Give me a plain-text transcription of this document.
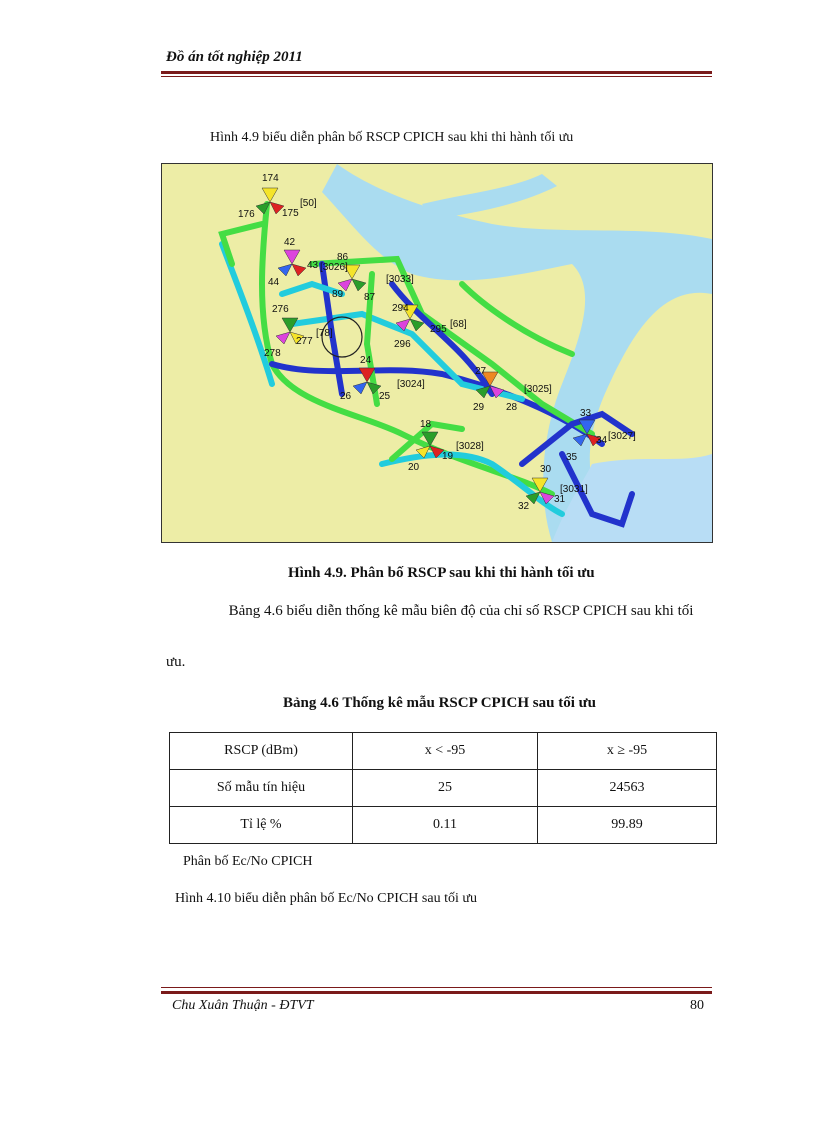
Đồ án tốt nghiệp 2011
Hình 4.9 biểu diễn phân bố RSCP CPICH sau khi thi hành tối ưu
174
176	175
[50]
42
44
43 [3026]
86
[3033]
89 87
276
278
277
[78]
294
295
296
[68]
24
26	25
[3024]
27
29 28
[3025]
18
20
19
[3028]
33
35
34 [3027]
30
32
31
[3031]
Hình 4.9. Phân bố RSCP sau khi thi hành tối ưu
Bảng 4.6 biểu diễn thống kê mẫu biên độ của chỉ số RSCP CPICH sau khi tối
ưu.
Bảng 4.6 Thống kê mẫu RSCP CPICH sau tối ưu
RSCP (dBm)	x < -95	x ≥ -95
Số mẫu tín hiệu	25	24563
Tỉ lệ %	0.11	99.89
Phân bố Ec/No CPICH
Hình 4.10 biểu diễn phân bố Ec/No CPICH sau tối ưu
Chu Xuân Thuận - ĐTVT	80
